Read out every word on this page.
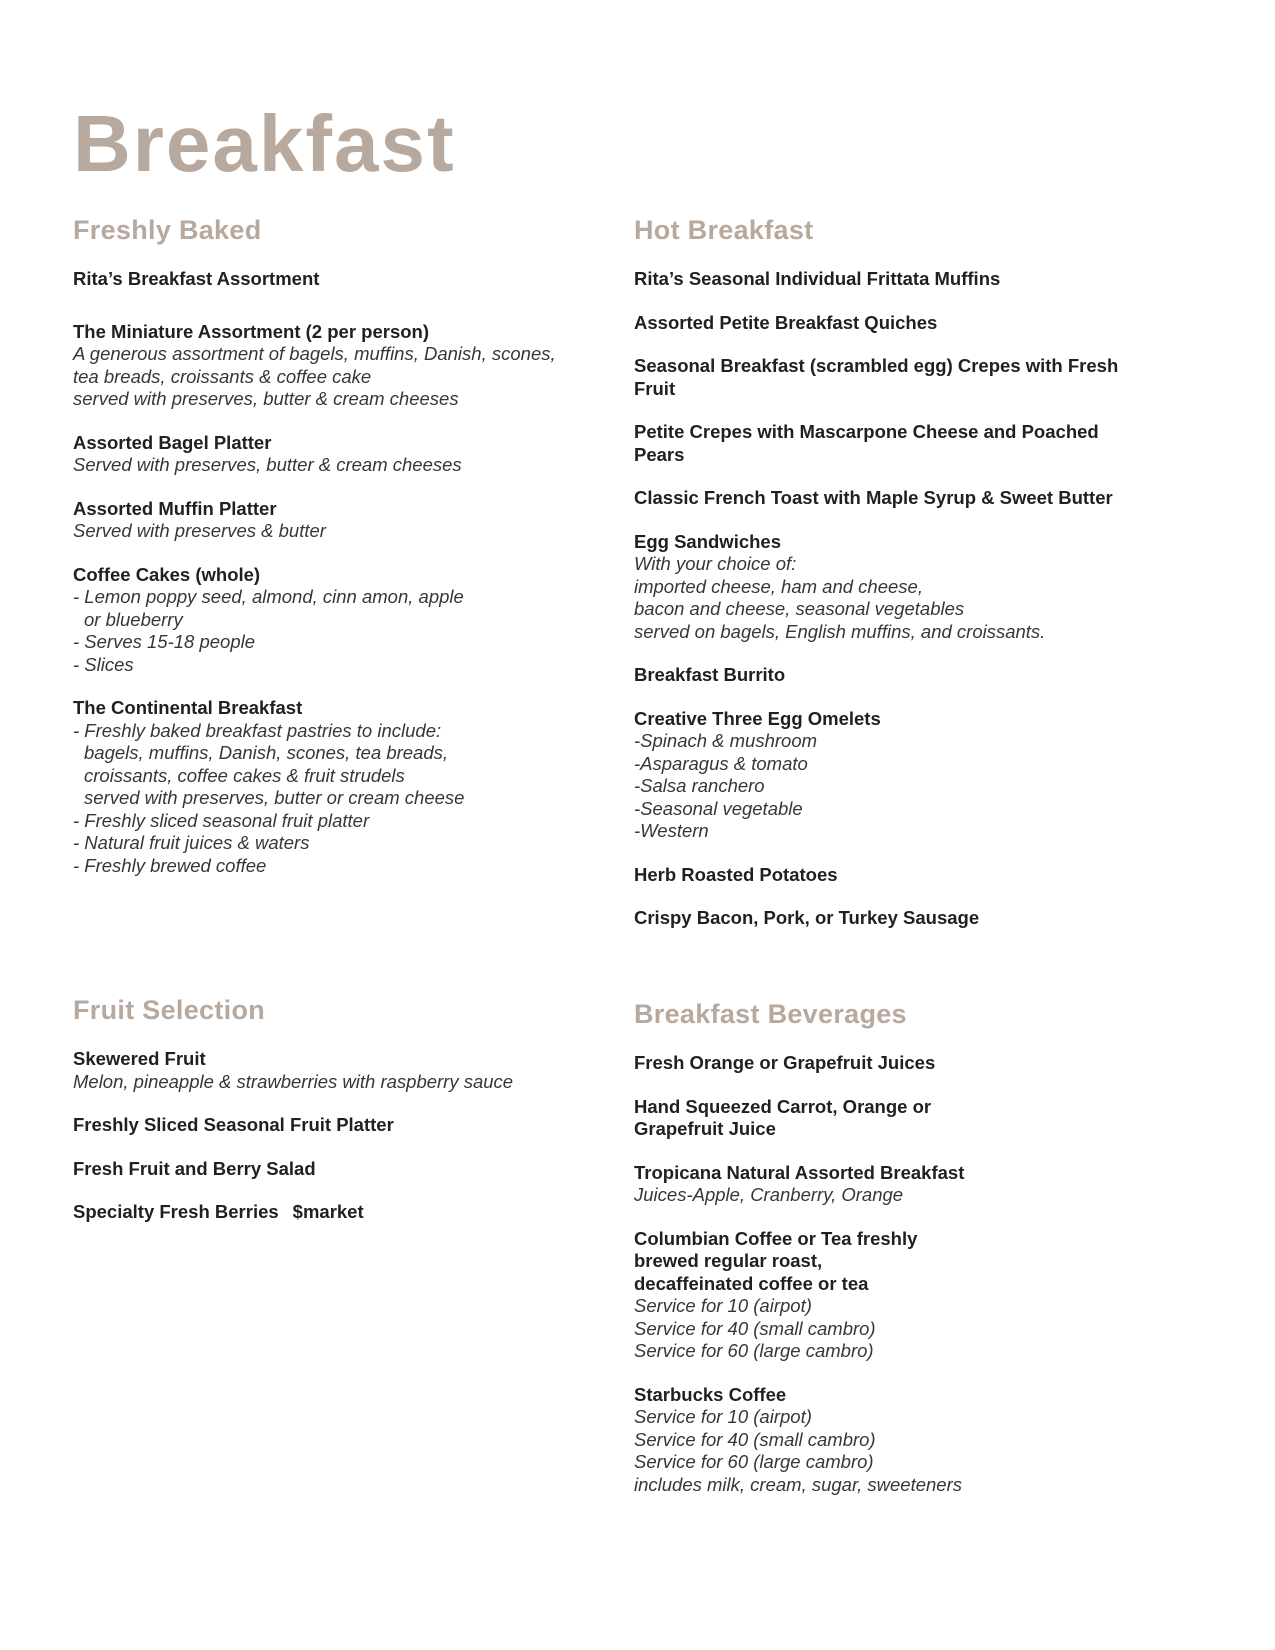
Breakfast
Freshly Baked
Rita’s Breakfast Assortment
The Miniature Assortment (2 per person)
A generous assortment of bagels, muffins, Danish, scones,
tea breads, croissants & coffee cake
served with preserves, butter & cream cheeses
Assorted Bagel Platter
Served with preserves, butter & cream cheeses
Assorted Muffin Platter
Served with preserves & butter
Coffee Cakes (whole)
- Lemon poppy seed, almond, cinn amon, apple
or blueberry
- Serves 15-18 people
- Slices
The Continental Breakfast
- Freshly baked breakfast pastries to include:
bagels, muffins, Danish, scones, tea breads,
croissants, coffee cakes & fruit strudels
served with preserves, butter or cream cheese
- Freshly sliced seasonal fruit platter
- Natural fruit juices & waters
- Freshly brewed coffee
Fruit Selection
Skewered Fruit
Melon, pineapple & strawberries with raspberry sauce
Freshly Sliced Seasonal Fruit Platter
Fresh Fruit and Berry Salad
Specialty Fresh Berries $market
Hot Breakfast
Rita’s Seasonal Individual Frittata Muffins
Assorted Petite Breakfast Quiches
Seasonal Breakfast (scrambled egg) Crepes with Fresh Fruit
Petite Crepes with Mascarpone Cheese and Poached Pears
Classic French Toast with Maple Syrup & Sweet Butter
Egg Sandwiches
With your choice of:
imported cheese, ham and cheese,
bacon and cheese, seasonal vegetables
served on bagels, English muffins, and croissants.
Breakfast Burrito
Creative Three Egg Omelets
-Spinach & mushroom
-Asparagus & tomato
-Salsa ranchero
-Seasonal vegetable
-Western
Herb Roasted Potatoes
Crispy Bacon, Pork, or Turkey Sausage
Breakfast Beverages
Fresh Orange or Grapefruit Juices
Hand Squeezed Carrot, Orange or Grapefruit Juice
Tropicana Natural Assorted Breakfast
Juices-Apple, Cranberry, Orange
Columbian Coffee or Tea freshly brewed regular roast, decaffeinated coffee or tea
Service for 10 (airpot)
Service for 40 (small cambro)
Service for 60 (large cambro)
Starbucks Coffee
Service for 10 (airpot)
Service for 40 (small cambro)
Service for 60 (large cambro)
includes milk, cream, sugar, sweeteners
